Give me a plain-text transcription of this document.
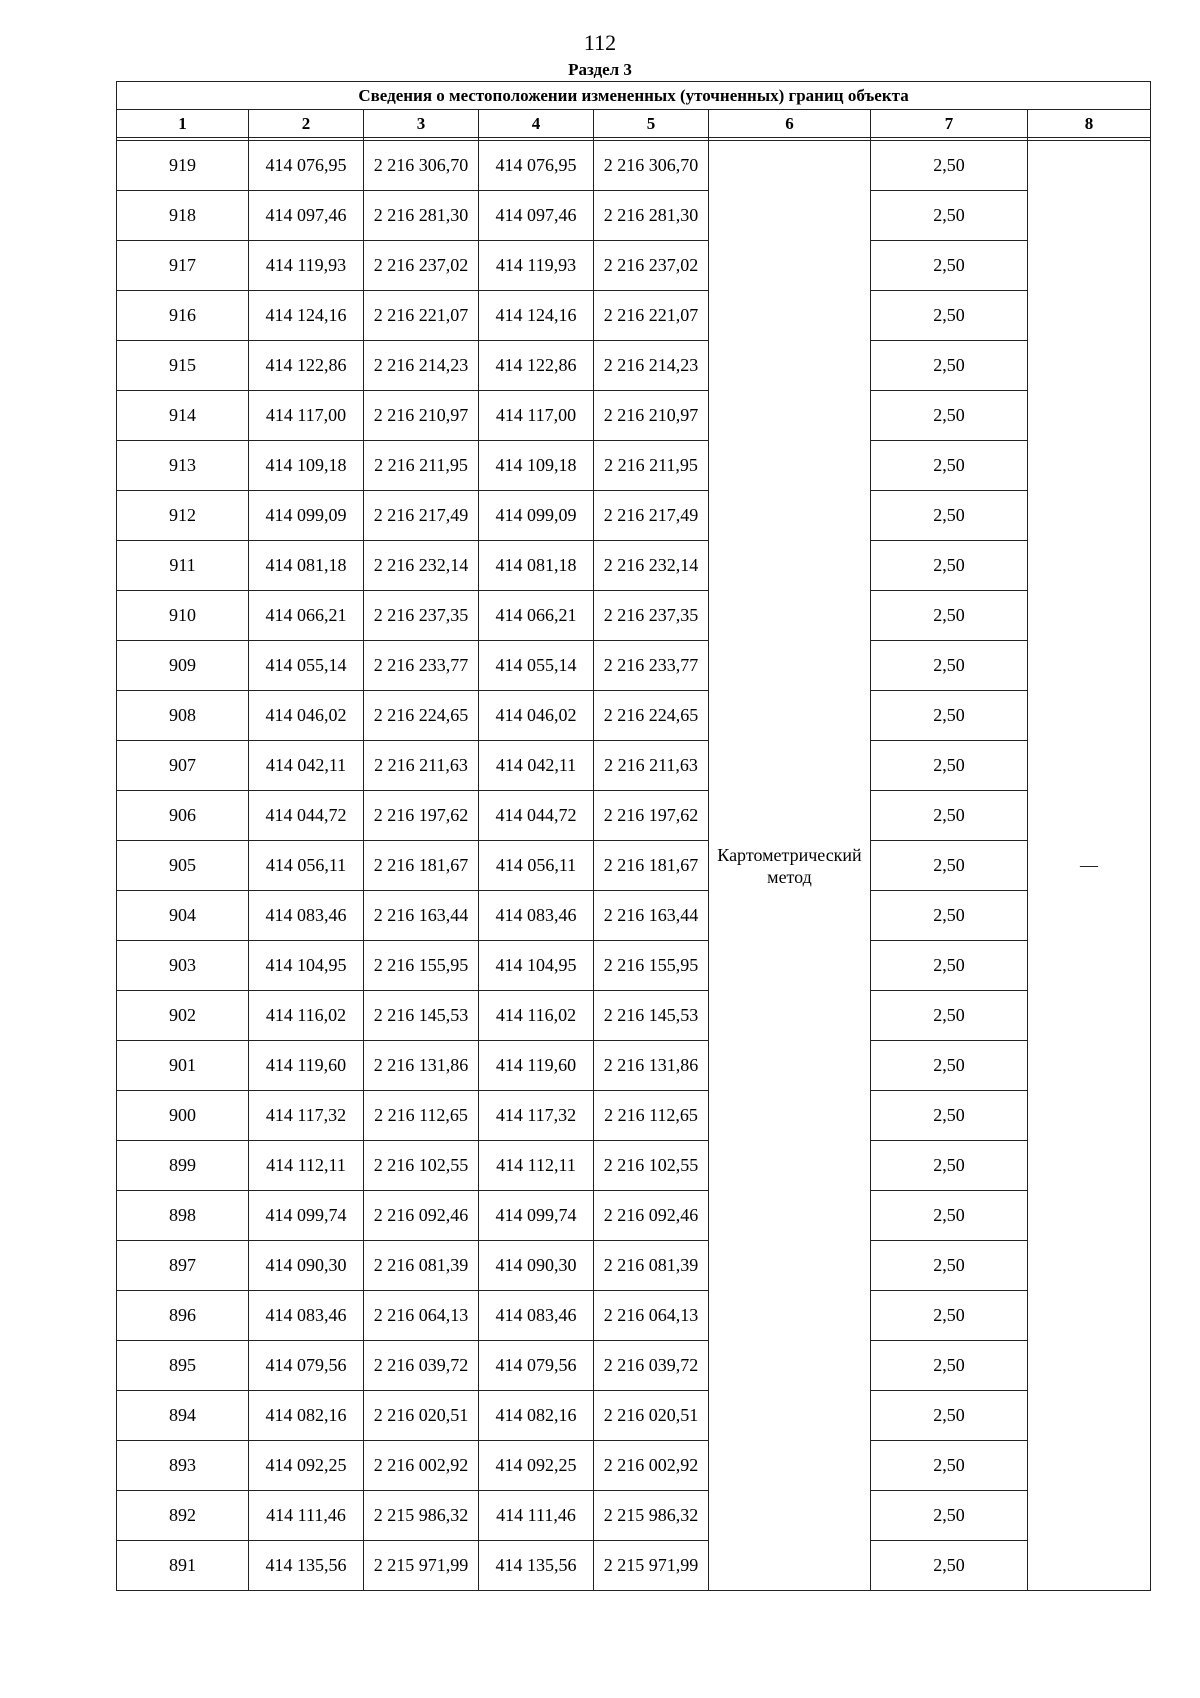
112
Раздел 3
Сведения о местоположении измененных (уточненных) границ объекта							
1	2	3	4	5	6	7	8

919	414 076,95	2 216 306,70	414 076,95	2 216 306,70	Картометрический метод	2,50	—
918	414 097,46	2 216 281,30	414 097,46	2 216 281,30		2,50	
917	414 119,93	2 216 237,02	414 119,93	2 216 237,02		2,50	
916	414 124,16	2 216 221,07	414 124,16	2 216 221,07		2,50	
915	414 122,86	2 216 214,23	414 122,86	2 216 214,23		2,50	
914	414 117,00	2 216 210,97	414 117,00	2 216 210,97		2,50	
913	414 109,18	2 216 211,95	414 109,18	2 216 211,95		2,50	
912	414 099,09	2 216 217,49	414 099,09	2 216 217,49		2,50	
911	414 081,18	2 216 232,14	414 081,18	2 216 232,14		2,50	
910	414 066,21	2 216 237,35	414 066,21	2 216 237,35		2,50	
909	414 055,14	2 216 233,77	414 055,14	2 216 233,77		2,50	
908	414 046,02	2 216 224,65	414 046,02	2 216 224,65		2,50	
907	414 042,11	2 216 211,63	414 042,11	2 216 211,63		2,50	
906	414 044,72	2 216 197,62	414 044,72	2 216 197,62		2,50	
905	414 056,11	2 216 181,67	414 056,11	2 216 181,67		2,50	
904	414 083,46	2 216 163,44	414 083,46	2 216 163,44		2,50	
903	414 104,95	2 216 155,95	414 104,95	2 216 155,95		2,50	
902	414 116,02	2 216 145,53	414 116,02	2 216 145,53		2,50	
901	414 119,60	2 216 131,86	414 119,60	2 216 131,86		2,50	
900	414 117,32	2 216 112,65	414 117,32	2 216 112,65		2,50	
899	414 112,11	2 216 102,55	414 112,11	2 216 102,55		2,50	
898	414 099,74	2 216 092,46	414 099,74	2 216 092,46		2,50	
897	414 090,30	2 216 081,39	414 090,30	2 216 081,39		2,50	
896	414 083,46	2 216 064,13	414 083,46	2 216 064,13		2,50	
895	414 079,56	2 216 039,72	414 079,56	2 216 039,72		2,50	
894	414 082,16	2 216 020,51	414 082,16	2 216 020,51		2,50	
893	414 092,25	2 216 002,92	414 092,25	2 216 002,92		2,50	
892	414 111,46	2 215 986,32	414 111,46	2 215 986,32		2,50	
891	414 135,56	2 215 971,99	414 135,56	2 215 971,99		2,50	
